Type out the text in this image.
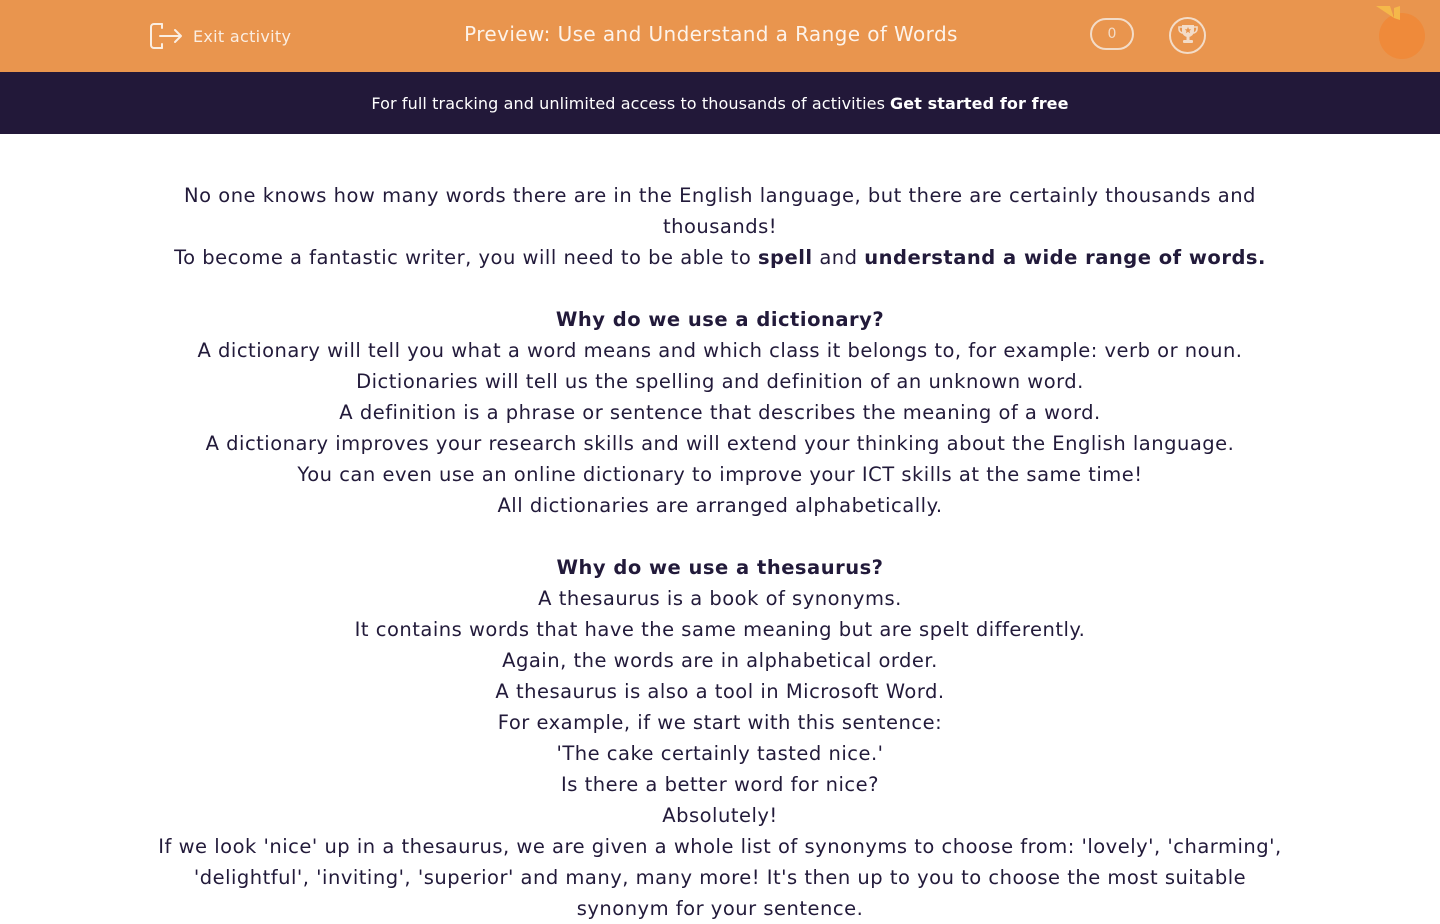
Exit activity	Preview: Use and Understand a Range of Words	0
For full tracking and unlimited access to thousands of activities Get started for free

No one knows how many words there are in the English language, but there are certainly thousands and thousands!

To become a fantastic writer, you will need to be able to spell and understand a wide range of words.

Why do we use a dictionary?

A dictionary will tell you what a word means and which class it belongs to, for example: verb or noun.

Dictionaries will tell us the spelling and definition of an unknown word.

A definition is a phrase or sentence that describes the meaning of a word.

A dictionary improves your research skills and will extend your thinking about the English language.

You can even use an online dictionary to improve your ICT skills at the same time!

All dictionaries are arranged alphabetically.

Why do we use a thesaurus?

A thesaurus is a book of synonyms.

It contains words that have the same meaning but are spelt differently.

Again, the words are in alphabetical order.

A thesaurus is also a tool in Microsoft Word.

For example, if we start with this sentence:

'The cake certainly tasted nice.'

Is there a better word for nice?

Absolutely!

If we look 'nice' up in a thesaurus, we are given a whole list of synonyms to choose from: 'lovely', 'charming', 'delightful', 'inviting', 'superior' and many, many more! It's then up to you to choose the most suitable synonym for your sentence.
